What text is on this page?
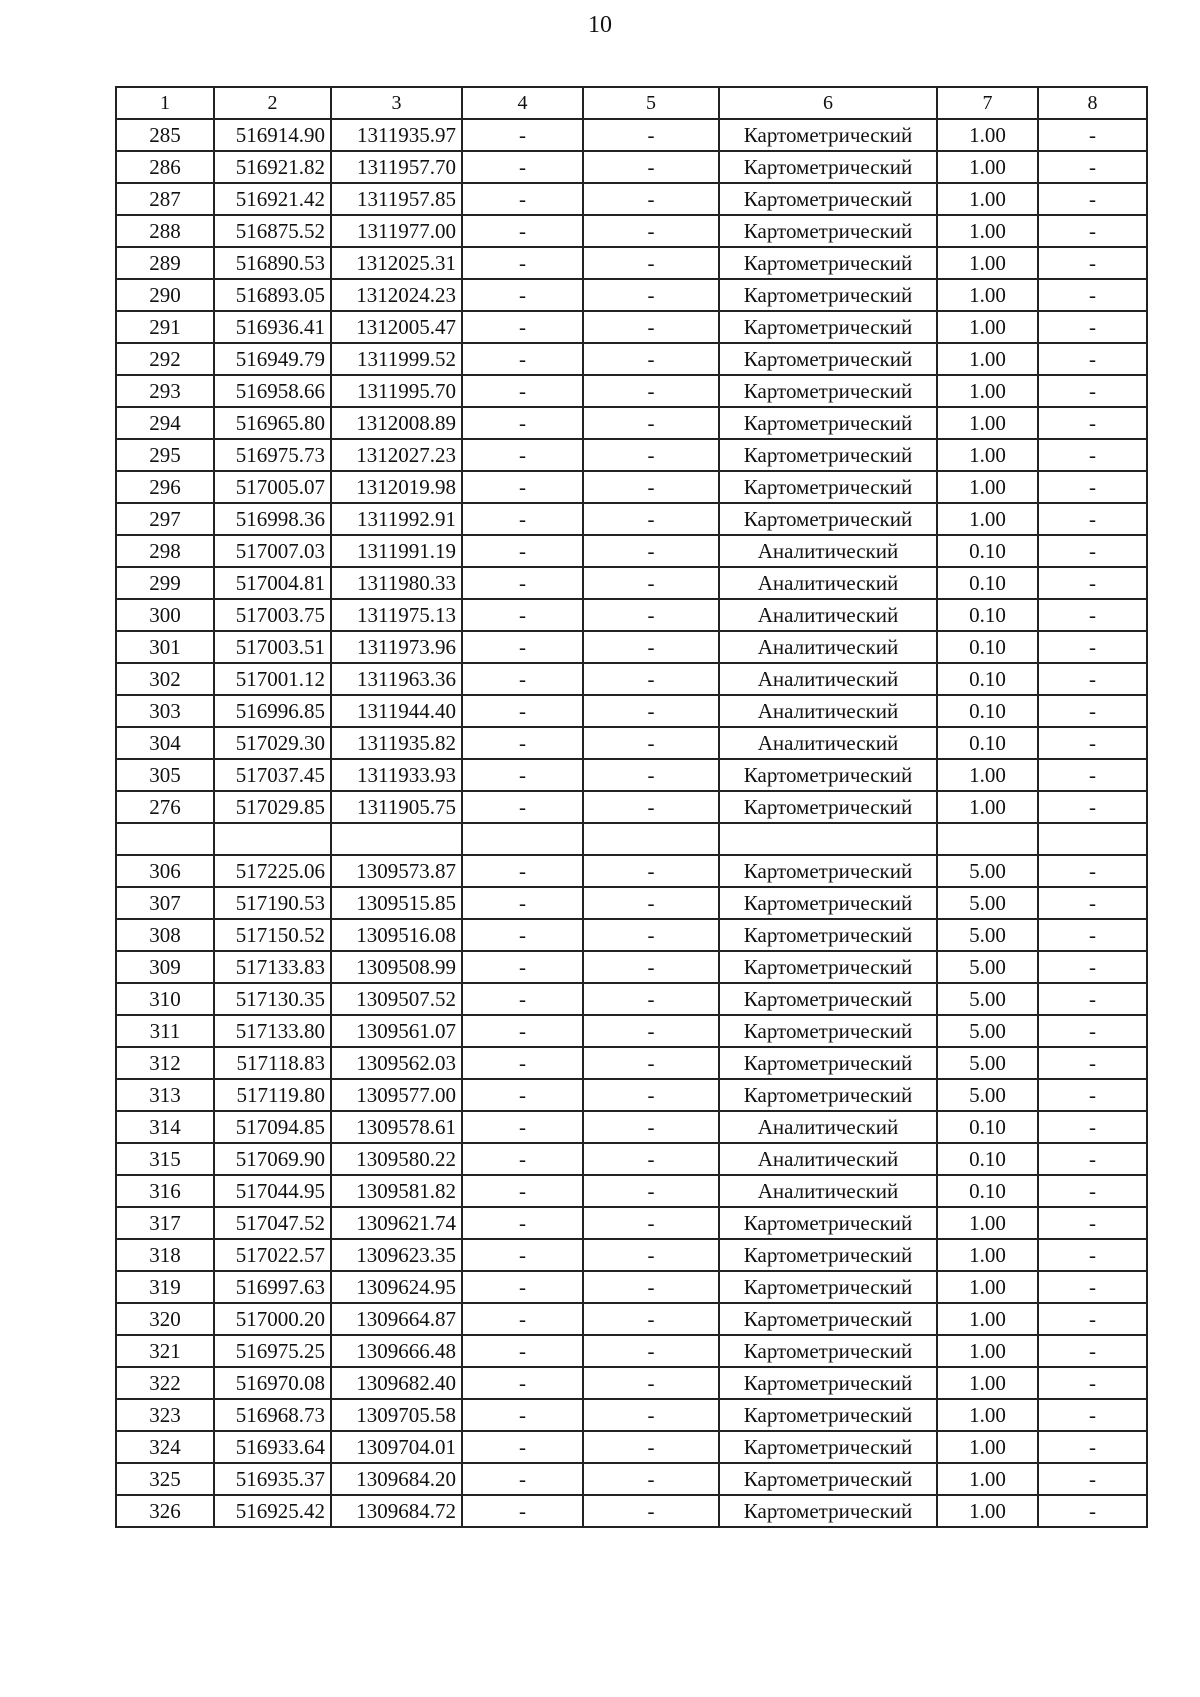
10
1	2	3	4	5	6	7	8
285	516914.90	1311935.97	-	-	Картометрический	1.00	-
286	516921.82	1311957.70	-	-	Картометрический	1.00	-
287	516921.42	1311957.85	-	-	Картометрический	1.00	-
288	516875.52	1311977.00	-	-	Картометрический	1.00	-
289	516890.53	1312025.31	-	-	Картометрический	1.00	-
290	516893.05	1312024.23	-	-	Картометрический	1.00	-
291	516936.41	1312005.47	-	-	Картометрический	1.00	-
292	516949.79	1311999.52	-	-	Картометрический	1.00	-
293	516958.66	1311995.70	-	-	Картометрический	1.00	-
294	516965.80	1312008.89	-	-	Картометрический	1.00	-
295	516975.73	1312027.23	-	-	Картометрический	1.00	-
296	517005.07	1312019.98	-	-	Картометрический	1.00	-
297	516998.36	1311992.91	-	-	Картометрический	1.00	-
298	517007.03	1311991.19	-	-	Аналитический	0.10	-
299	517004.81	1311980.33	-	-	Аналитический	0.10	-
300	517003.75	1311975.13	-	-	Аналитический	0.10	-
301	517003.51	1311973.96	-	-	Аналитический	0.10	-
302	517001.12	1311963.36	-	-	Аналитический	0.10	-
303	516996.85	1311944.40	-	-	Аналитический	0.10	-
304	517029.30	1311935.82	-	-	Аналитический	0.10	-
305	517037.45	1311933.93	-	-	Картометрический	1.00	-
276	517029.85	1311905.75	-	-	Картометрический	1.00	-

306	517225.06	1309573.87	-	-	Картометрический	5.00	-
307	517190.53	1309515.85	-	-	Картометрический	5.00	-
308	517150.52	1309516.08	-	-	Картометрический	5.00	-
309	517133.83	1309508.99	-	-	Картометрический	5.00	-
310	517130.35	1309507.52	-	-	Картометрический	5.00	-
311	517133.80	1309561.07	-	-	Картометрический	5.00	-
312	517118.83	1309562.03	-	-	Картометрический	5.00	-
313	517119.80	1309577.00	-	-	Картометрический	5.00	-
314	517094.85	1309578.61	-	-	Аналитический	0.10	-
315	517069.90	1309580.22	-	-	Аналитический	0.10	-
316	517044.95	1309581.82	-	-	Аналитический	0.10	-
317	517047.52	1309621.74	-	-	Картометрический	1.00	-
318	517022.57	1309623.35	-	-	Картометрический	1.00	-
319	516997.63	1309624.95	-	-	Картометрический	1.00	-
320	517000.20	1309664.87	-	-	Картометрический	1.00	-
321	516975.25	1309666.48	-	-	Картометрический	1.00	-
322	516970.08	1309682.40	-	-	Картометрический	1.00	-
323	516968.73	1309705.58	-	-	Картометрический	1.00	-
324	516933.64	1309704.01	-	-	Картометрический	1.00	-
325	516935.37	1309684.20	-	-	Картометрический	1.00	-
326	516925.42	1309684.72	-	-	Картометрический	1.00	-
